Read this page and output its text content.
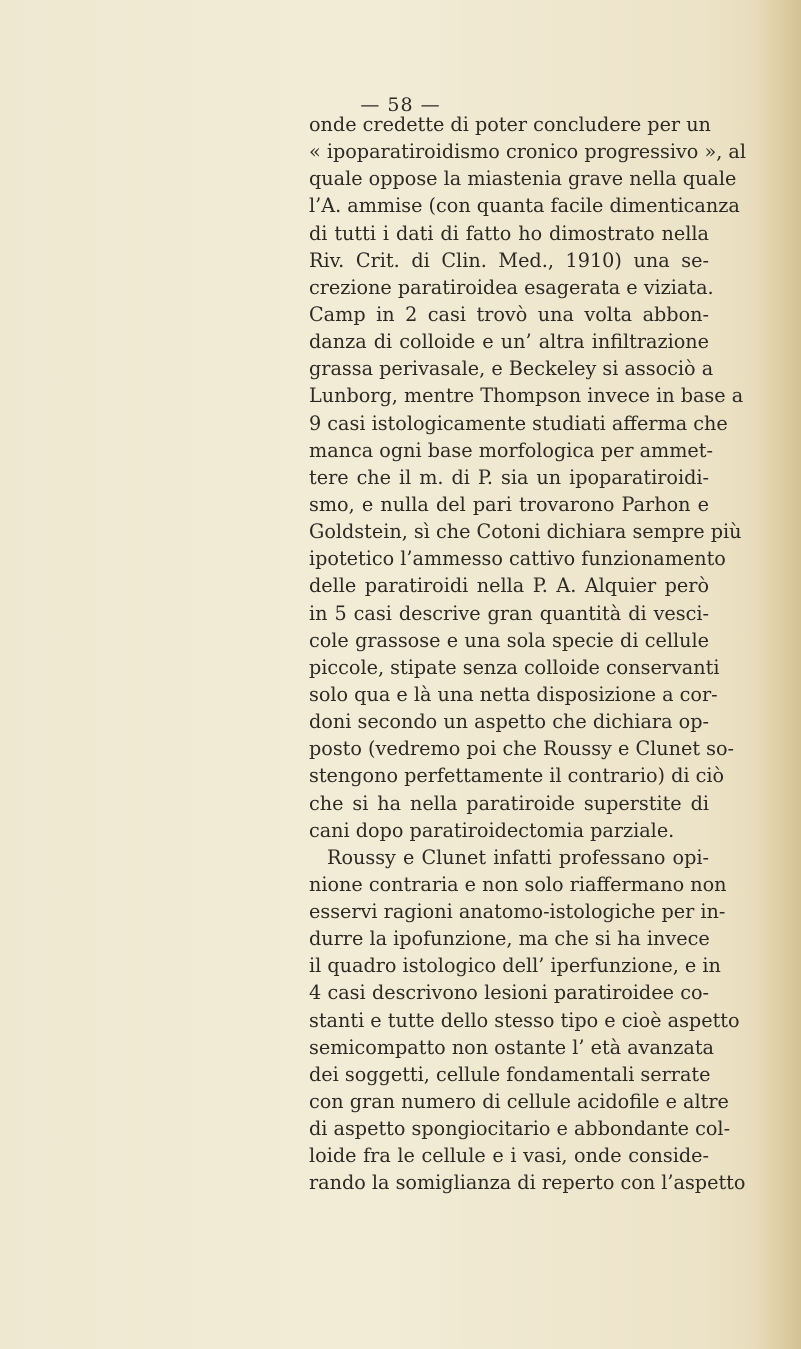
— 58 —
onde credette di poter concludere per un
« ipoparatiroidismo cronico progressivo », al
quale oppose la miastenia grave nella quale
l’A. ammise (con quanta facile dimenticanza
di tutti i dati di fatto ho dimostrato nella
Riv. Crit. di Clin. Med., 1910) una se-
crezione paratiroidea esagerata e viziata.
Camp in 2 casi trovò una volta abbon-
danza di colloide e un’ altra infiltrazione
grassa perivasale, e Beckeley si associò a
Lunborg, mentre Thompson invece in base a
9 casi istologicamente studiati afferma che
manca ogni base morfologica per ammet-
tere che il m. di P. sia un ipoparatiroidi-
smo, e nulla del pari trovarono Parhon e
Goldstein, sì che Cotoni dichiara sempre più
ipotetico l’ammesso cattivo funzionamento
delle paratiroidi nella P. A. Alquier però
in 5 casi descrive gran quantità di vesci-
cole grassose e una sola specie di cellule
piccole, stipate senza colloide conservanti
solo qua e là una netta disposizione a cor-
doni secondo un aspetto che dichiara op-
posto (vedremo poi che Roussy e Clunet so-
stengono perfettamente il contrario) di ciò
che si ha nella paratiroide superstite di
cani dopo paratiroidectomia parziale.
Roussy e Clunet infatti professano opi-
nione contraria e non solo riaffermano non
esservi ragioni anatomo-istologiche per in-
durre la ipofunzione, ma che si ha invece
il quadro istologico dell’ iperfunzione, e in
4 casi descrivono lesioni paratiroidee co-
stanti e tutte dello stesso tipo e cioè aspetto
semicompatto non ostante l’ età avanzata
dei soggetti, cellule fondamentali serrate
con gran numero di cellule acidofile e altre
di aspetto spongiocitario e abbondante col-
loide fra le cellule e i vasi, onde conside-
rando la somiglianza di reperto con l’aspetto
